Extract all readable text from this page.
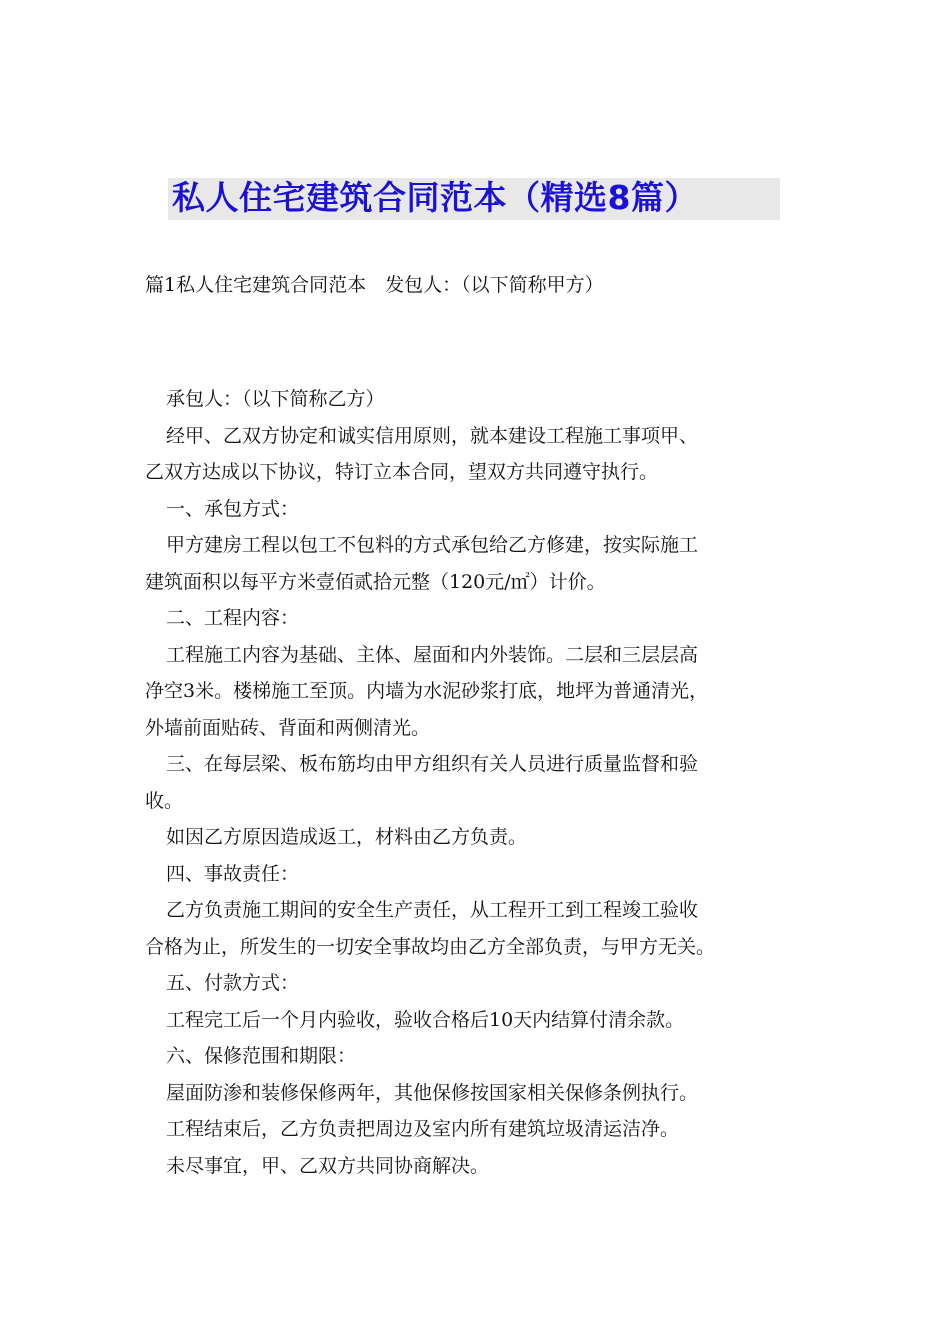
私人住宅建筑合同范本（精选8篇）
篇1私人住宅建筑合同范本　发包人：（以下简称甲方）

承包人：（以下简称乙方）

经甲、乙双方协定和诚实信用原则，就本建设工程施工事项甲、
乙双方达成以下协议，特订立本合同，望双方共同遵守执行。

一、承包方式：

甲方建房工程以包工不包料的方式承包给乙方修建，按实际施工
建筑面积以每平方米壹佰贰拾元整（120元/㎡）计价。

二、工程内容：

工程施工内容为基础、主体、屋面和内外装饰。二层和三层层高
净空3米。楼梯施工至顶。内墙为水泥砂浆打底，地坪为普通清光，
外墙前面贴砖、背面和两侧清光。

三、在每层梁、板布筋均由甲方组织有关人员进行质量监督和验
收。

如因乙方原因造成返工，材料由乙方负责。

四、事故责任：

乙方负责施工期间的安全生产责任，从工程开工到工程竣工验收
合格为止，所发生的一切安全事故均由乙方全部负责，与甲方无关。

五、付款方式：

工程完工后一个月内验收，验收合格后10天内结算付清余款。

六、保修范围和期限：

屋面防渗和装修保修两年，其他保修按国家相关保修条例执行。

工程结束后，乙方负责把周边及室内所有建筑垃圾清运洁净。

未尽事宜，甲、乙双方共同协商解决。
